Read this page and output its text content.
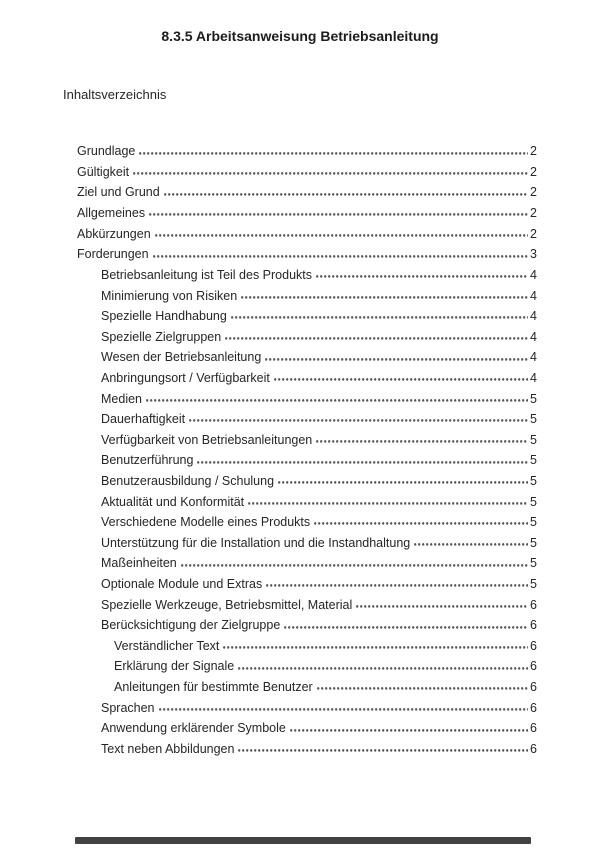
8.3.5 Arbeitsanweisung Betriebsanleitung
Inhaltsverzeichnis
Grundlage	2
Gültigkeit	2
Ziel und Grund	2
Allgemeines	2
Abkürzungen	2
Forderungen	3
Betriebsanleitung ist Teil des Produkts	4
Minimierung von Risiken	4
Spezielle Handhabung	4
Spezielle Zielgruppen	4
Wesen der Betriebsanleitung	4
Anbringungsort / Verfügbarkeit	4
Medien	5
Dauerhaftigkeit	5
Verfügbarkeit von Betriebsanleitungen	5
Benutzerführung	5
Benutzerausbildung / Schulung	5
Aktualität und Konformität	5
Verschiedene Modelle eines Produkts	5
Unterstützung für die Installation und die Instandhaltung	5
Maßeinheiten	5
Optionale Module und Extras	5
Spezielle Werkzeuge, Betriebsmittel, Material	6
Berücksichtigung der Zielgruppe	6
Verständlicher Text	6
Erklärung der Signale	6
Anleitungen für bestimmte Benutzer	6
Sprachen	6
Anwendung erklärender Symbole	6
Text neben Abbildungen	6
